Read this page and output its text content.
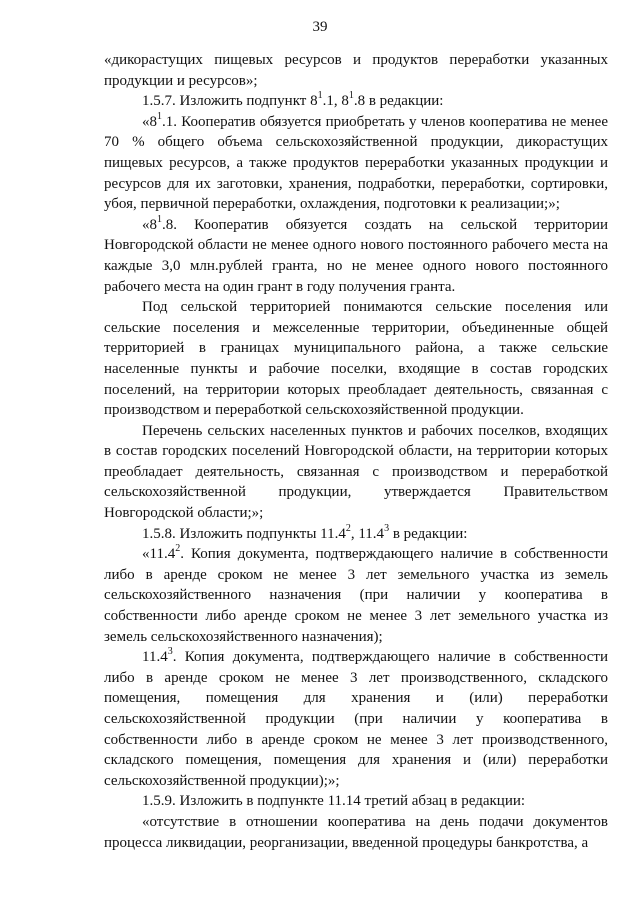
39

«дикорастущих пищевых ресурсов и продуктов переработки указанных продукции и ресурсов»;

1.5.7. Изложить подпункт $8^1.1$, $8^1.8$ в редакции:

«$8^1.1$. Кооператив обязуется приобретать у членов кооператива не менее 70 % общего объема сельскохозяйственной продукции, дикорастущих пищевых ресурсов, а также продуктов переработки указанных продукции и ресурсов для их заготовки, хранения, подработки, переработки, сортировки, убоя, первичной переработки, охлаждения, подготовки к реализации;»;

«$8^1.8$. Кооператив обязуется создать на сельской территории Новгородской области не менее одного нового постоянного рабочего места на каждые 3,0 млн.рублей гранта, но не менее одного нового постоянного рабочего места на один грант в году получения гранта.

Под сельской территорией понимаются сельские поселения или сельские поселения и межселенные территории, объединенные общей территорией в границах муниципального района, а также сельские населенные пункты и рабочие поселки, входящие в состав городских поселений, на территории которых преобладает деятельность, связанная с производством и переработкой сельскохозяйственной продукции.

Перечень сельских населенных пунктов и рабочих поселков, входящих в состав городских поселений Новгородской области, на территории которых преобладает деятельность, связанная с производством и переработкой сельскохозяйственной продукции, утверждается Правительством Новгородской области;»;

1.5.8. Изложить подпункты 11.4$^2$, 11.4$^3$ в редакции:

«11.4$^2$. Копия документа, подтверждающего наличие в собственности либо в аренде сроком не менее 3 лет земельного участка из земель сельскохозяйственного назначения (при наличии у кооператива в собственности либо аренде сроком не менее 3 лет земельного участка из земель сельскохозяйственного назначения);

11.4$^3$. Копия документа, подтверждающего наличие в собственности либо в аренде сроком не менее 3 лет производственного, складского помещения, помещения для хранения и (или) переработки сельскохозяйственной продукции (при наличии у кооператива в собственности либо в аренде сроком не менее 3 лет производственного, складского помещения, помещения для хранения и (или) переработки сельскохозяйственной продукции);»;

1.5.9. Изложить в подпункте 11.14 третий абзац в редакции:

«отсутствие в отношении кооператива на день подачи документов процесса ликвидации, реорганизации, введенной процедуры банкротства, а
